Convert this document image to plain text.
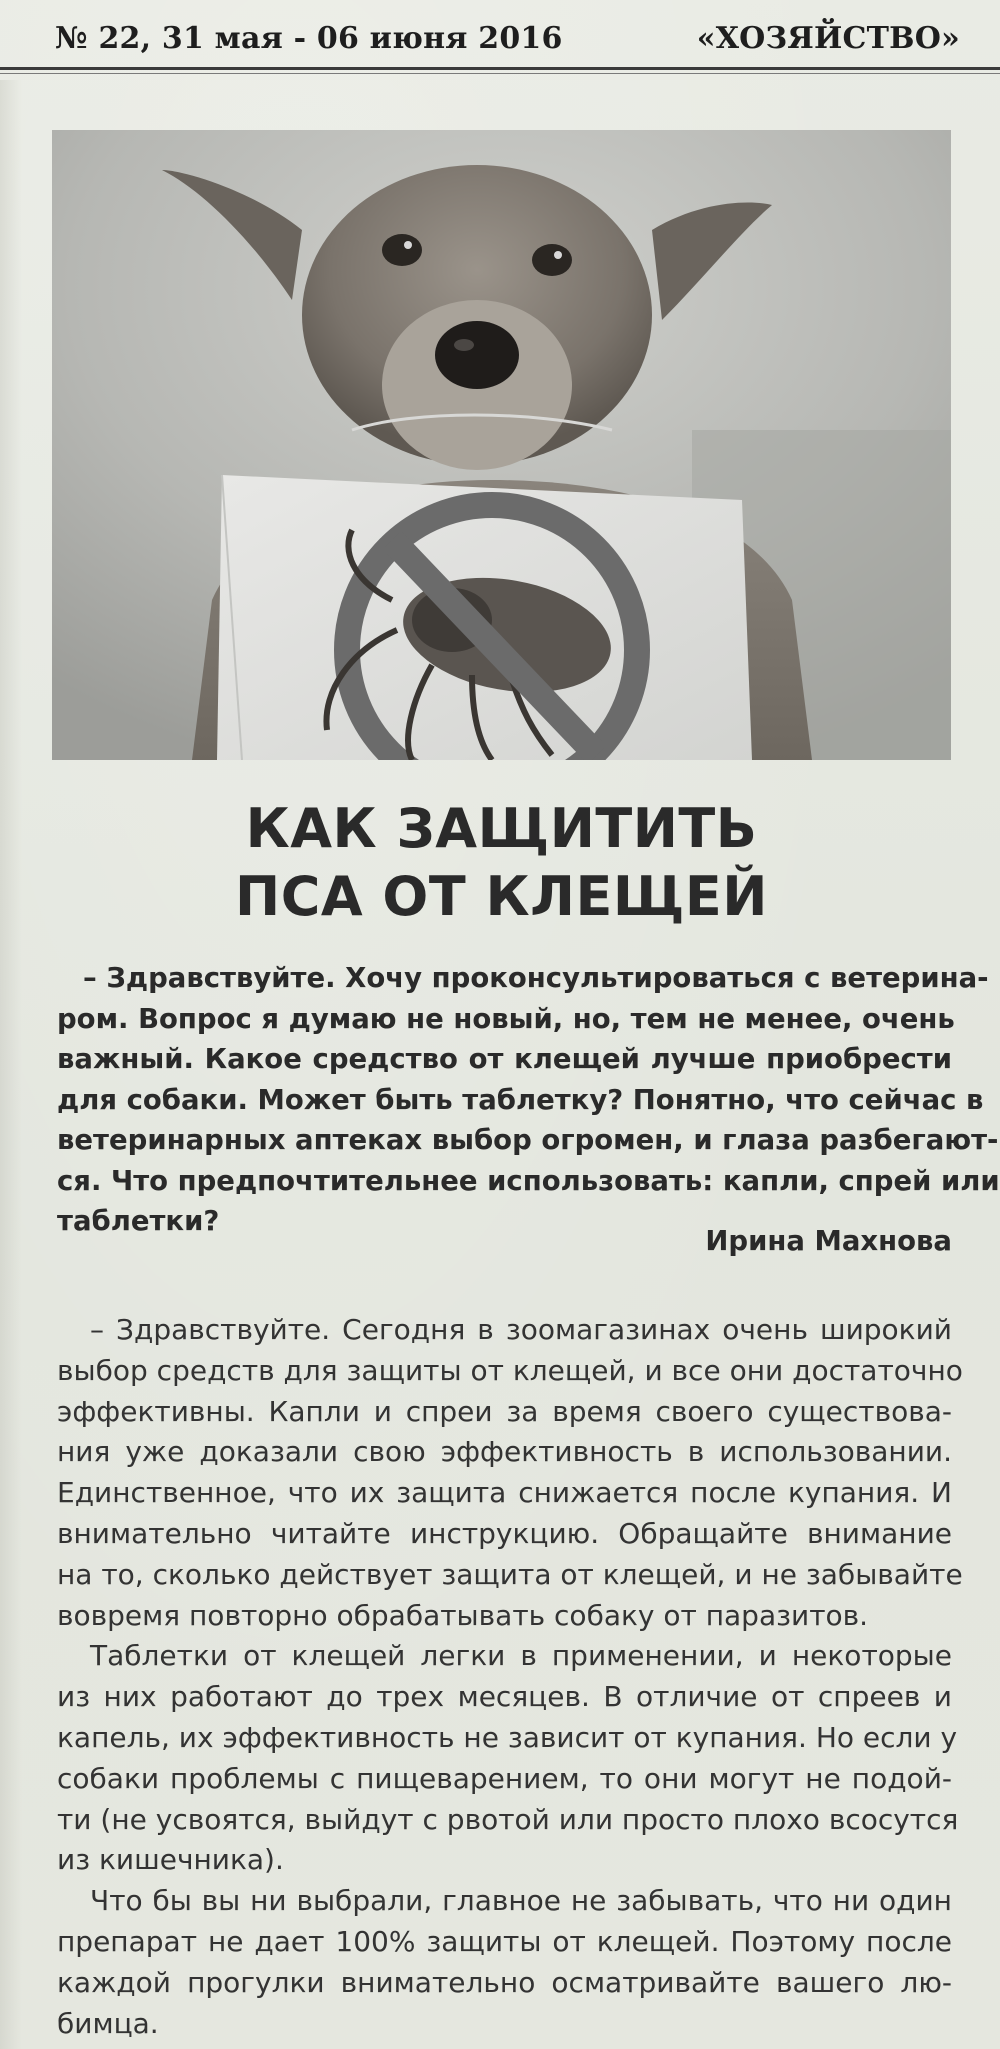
№ 22, 31 мая - 06 июня 2016	«ХОЗЯЙСТВО»
КАК ЗАЩИТИТЬ
ПСА ОТ КЛЕЩЕЙ
– Здравствуйте. Хочу проконсультироваться с ветерина-
ром. Вопрос я думаю не новый, но, тем не менее, очень
важный. Какое средство от клещей лучше приобрести
для собаки. Может быть таблетку? Понятно, что сейчас в
ветеринарных аптеках выбор огромен, и глаза разбегают-
ся. Что предпочтительнее использовать: капли, спрей или
таблетки?
Ирина Махнова
– Здравствуйте. Сегодня в зоомагазинах очень широкий
выбор средств для защиты от клещей, и все они достаточно
эффективны. Капли и спреи за время своего существова-
ния уже доказали свою эффективность в использовании.
Единственное, что их защита снижается после купания. И
внимательно читайте инструкцию. Обращайте внимание
на то, сколько действует защита от клещей, и не забывайте
вовремя повторно обрабатывать собаку от паразитов.
Таблетки от клещей легки в применении, и некоторые
из них работают до трех месяцев. В отличие от спреев и
капель, их эффективность не зависит от купания. Но если у
собаки проблемы с пищеварением, то они могут не подой-
ти (не усвоятся, выйдут с рвотой или просто плохо всосутся
из кишечника).
Что бы вы ни выбрали, главное не забывать, что ни один
препарат не дает 100% защиты от клещей. Поэтому после
каждой прогулки внимательно осматривайте вашего лю-
бимца.
